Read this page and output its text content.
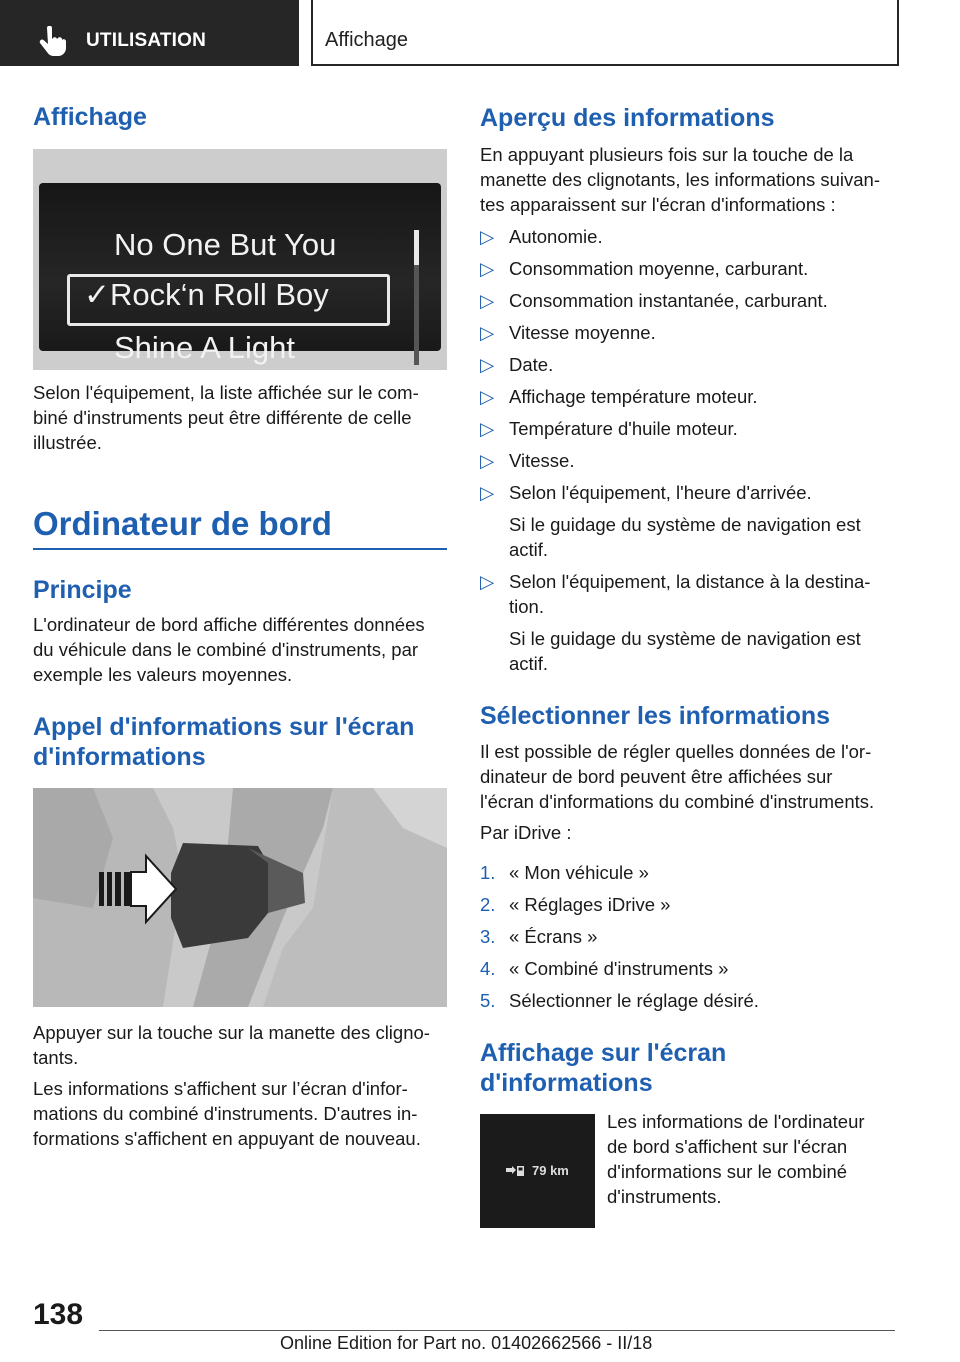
UTILISATION	Affichage
Affichage
No One But You
✓Rock‘n Roll Boy
Shine A Light

Selon l'équipement, la liste affichée sur le com-

biné d'instruments peut être différente de celle

illustrée.

Ordinateur de bord
Principe

L'ordinateur de bord affiche différentes données

du véhicule dans le combiné d'instruments, par

exemple les valeurs moyennes.

Appel d'informations sur l'écran

d'informations

Appuyer sur la touche sur la manette des cligno-

tants.

Les informations s'affichent sur l’écran d'infor-

mations du combiné d'instruments. D'autres in-

formations s'affichent en appuyant de nouveau.

Aperçu des informations

En appuyant plusieurs fois sur la touche de la

manette des clignotants, les informations suivan-

tes apparaissent sur l'écran d'informations :

▷ Autonomie.
▷ Consommation moyenne, carburant.
▷ Consommation instantanée, carburant.
▷ Vitesse moyenne.
▷ Date.
▷ Affichage température moteur.
▷ Température d'huile moteur.
▷ Vitesse.
▷ Selon l'équipement, l'heure d'arrivée.

Si le guidage du système de navigation est

actif.

▷ Selon l'équipement, la distance à la destina-

tion.

Si le guidage du système de navigation est

actif.

Sélectionner les informations

Il est possible de régler quelles données de l'or-

dinateur de bord peuvent être affichées sur

l'écran d'informations du combiné d'instruments.

Par iDrive :
1. « Mon véhicule »
2. « Réglages iDrive »
3. « Écrans »
4. « Combiné d'instruments »
5. Sélectionner le réglage désiré.

Affichage sur l'écran

d'informations

79 km

Les informations de l'ordinateur

de bord s'affichent sur l'écran

d'informations sur le combiné

d'instruments.

138
Online Edition for Part no. 01402662566 - II/18
